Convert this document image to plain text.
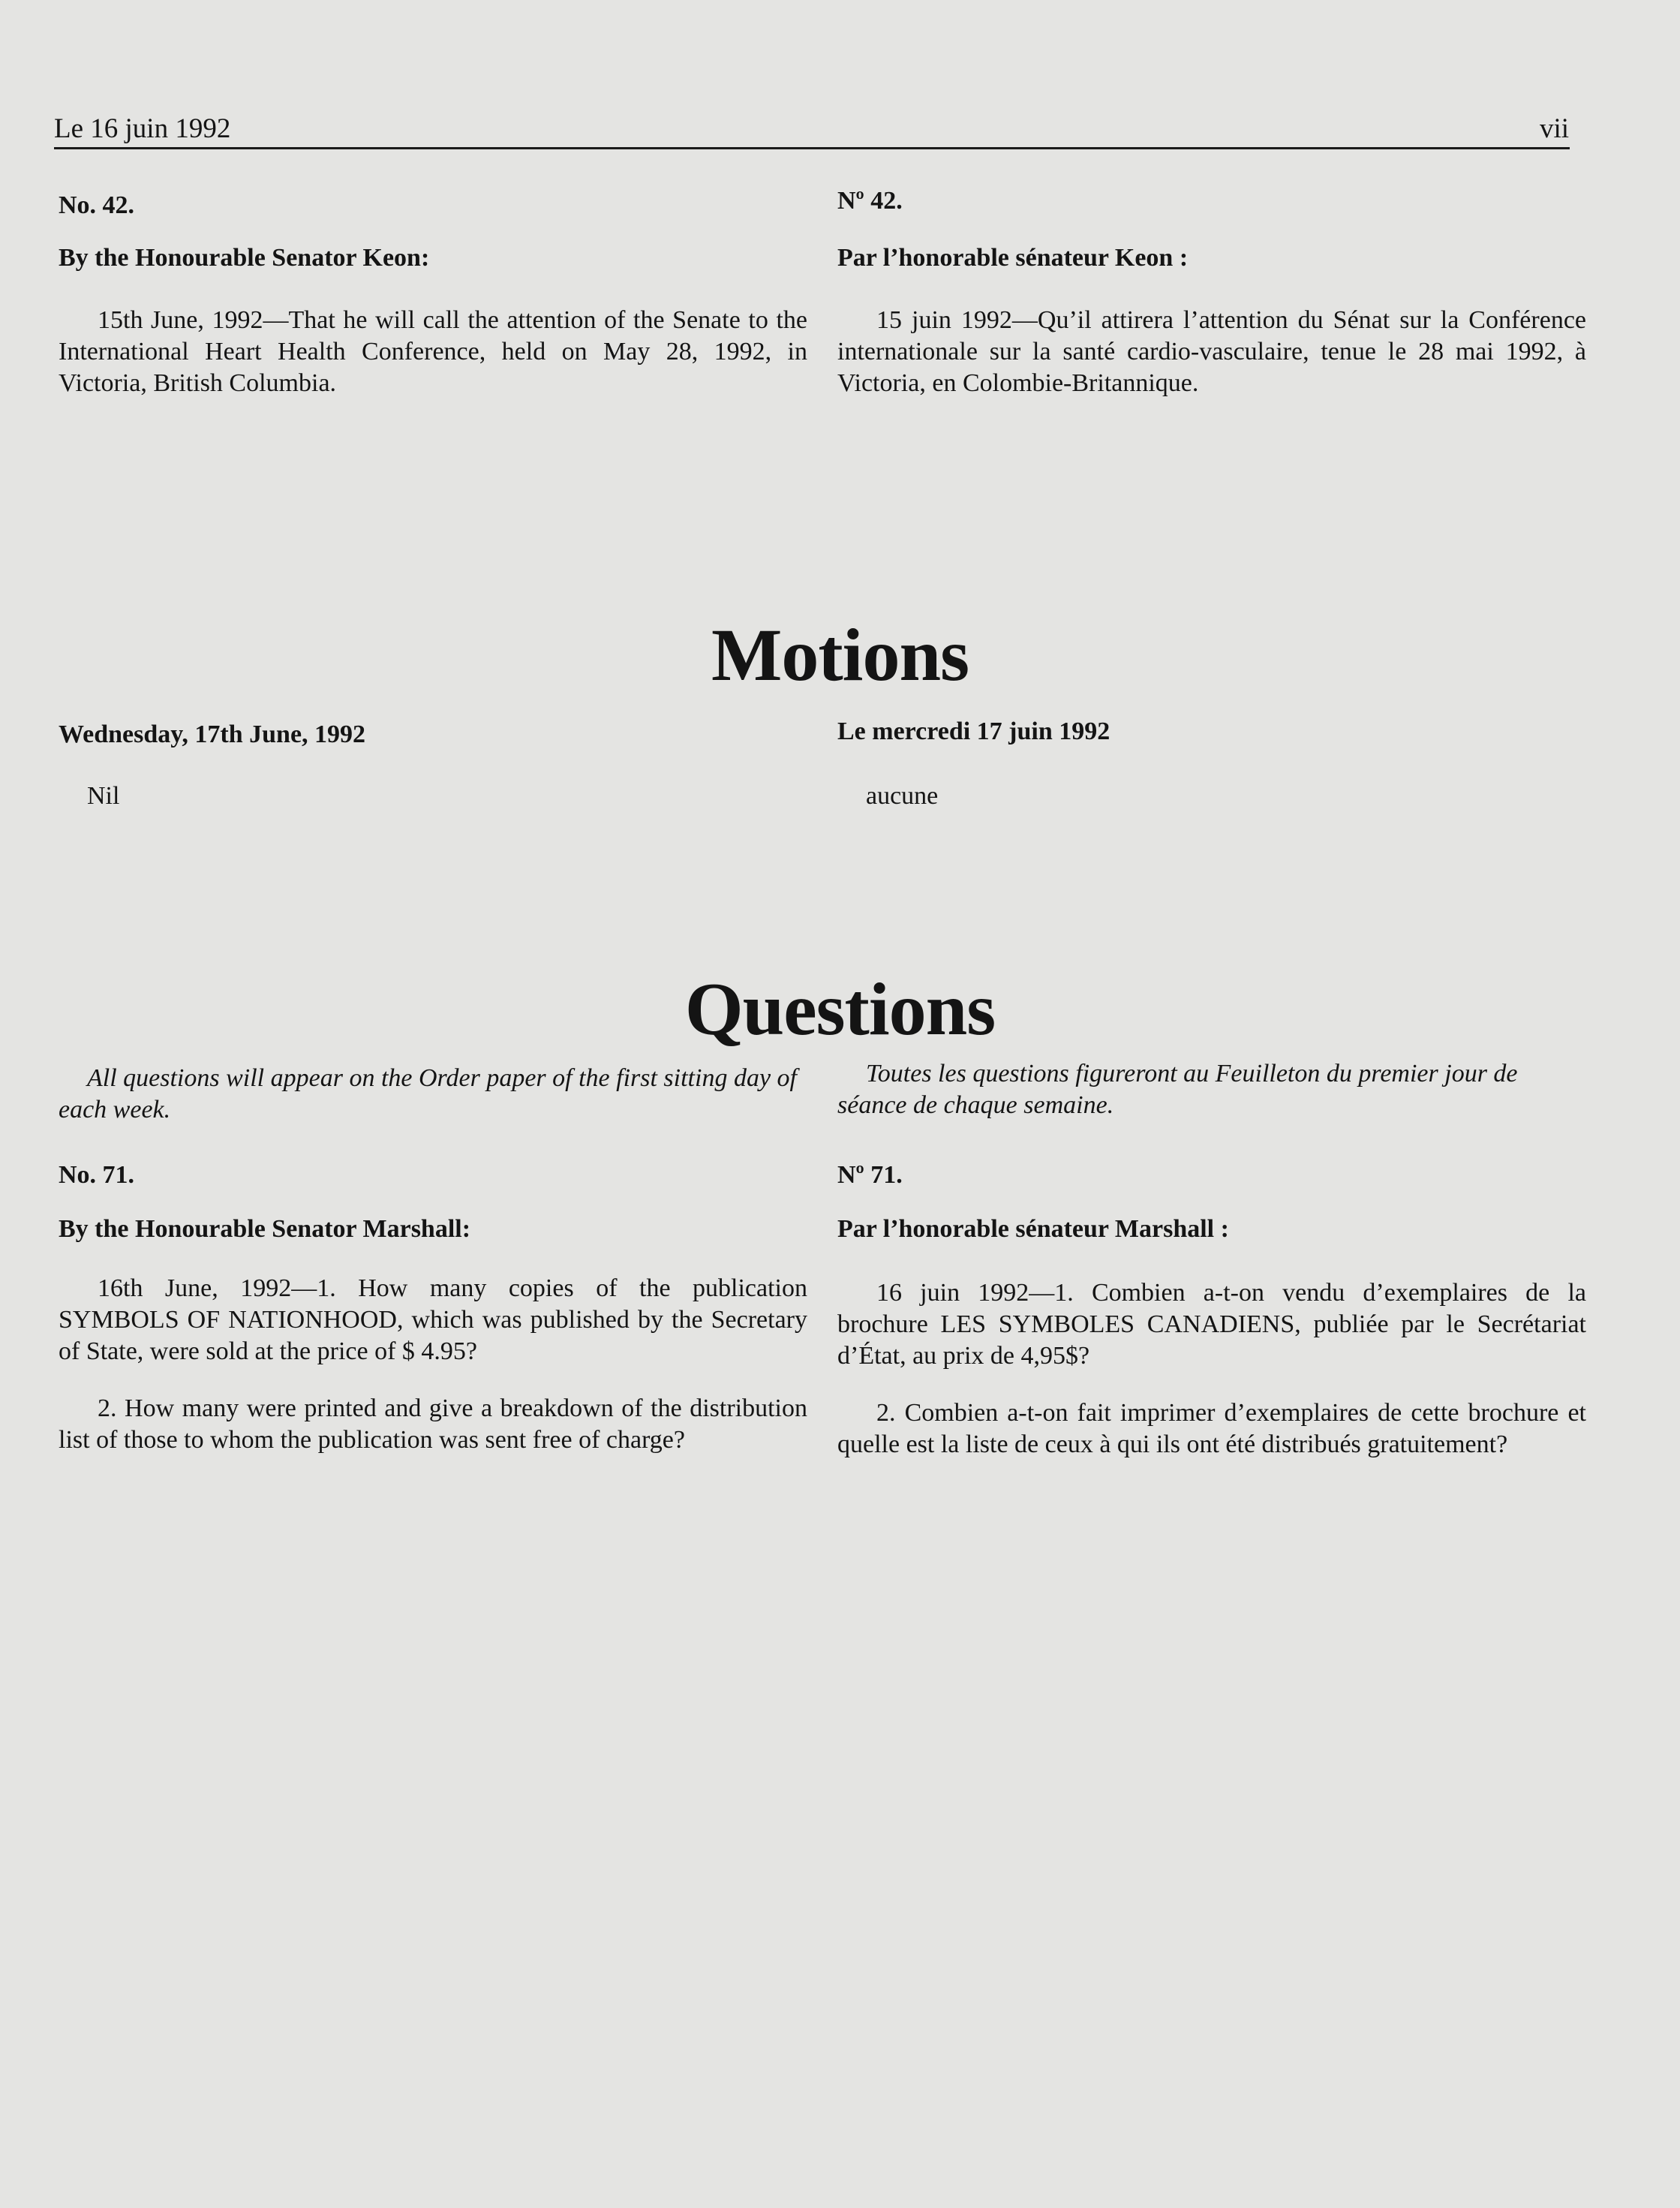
Le 16 juin 1992	vii

No. 42.

By the Honourable Senator Keon:

15th June, 1992—That he will call the attention of the Senate to the International Heart Health Conference, held on May 28, 1992, in Victoria, British Columbia.

Nº 42.

Par l’honorable sénateur Keon :

15 juin 1992—Qu’il attirera l’attention du Sénat sur la Conférence internationale sur la santé cardio-vasculaire, tenue le 28 mai 1992, à Victoria, en Colombie-Britannique.

Motions

Wednesday, 17th June, 1992

Nil

Le mercredi 17 juin 1992

aucune

Questions

All questions will appear on the Order paper of the first sitting day of each week.

No. 71.

By the Honourable Senator Marshall:

16th June, 1992—1. How many copies of the publication SYMBOLS OF NATIONHOOD, which was published by the Secretary of State, were sold at the price of $ 4.95?

2. How many were printed and give a breakdown of the distribution list of those to whom the publication was sent free of charge?

Toutes les questions figureront au Feuilleton du premier jour de séance de chaque semaine.

Nº 71.

Par l’honorable sénateur Marshall :

16 juin 1992—1. Combien a-t-on vendu d’exemplaires de la brochure LES SYMBOLES CANADIENS, publiée par le Secrétariat d’État, au prix de 4,95$?

2. Combien a-t-on fait imprimer d’exemplaires de cette brochure et quelle est la liste de ceux à qui ils ont été distribués gratuitement?
